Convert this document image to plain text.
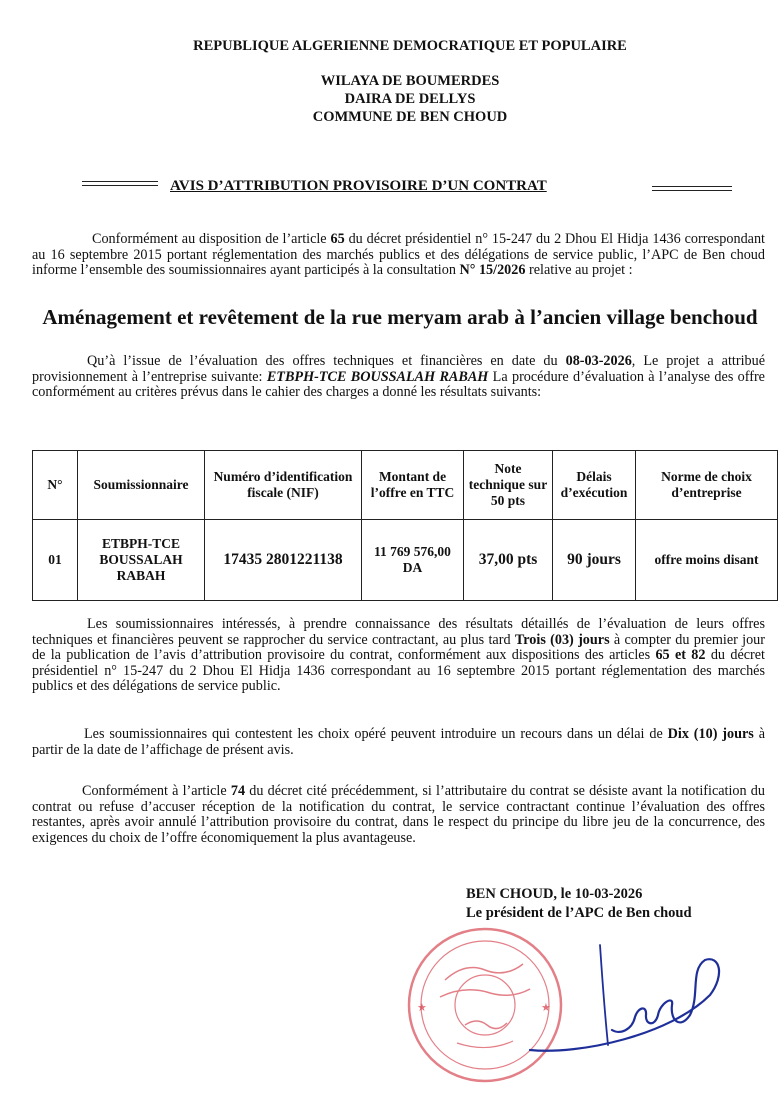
REPUBLIQUE ALGERIENNE DEMOCRATIQUE ET POPULAIRE
WILAYA DE BOUMERDES
DAIRA DE DELLYS
COMMUNE DE BEN CHOUD
AVIS D’ATTRIBUTION PROVISOIRE D’UN CONTRAT
Conformément au disposition de l’article 65 du décret présidentiel n° 15-247 du 2 Dhou El Hidja 1436 correspondant au 16 septembre 2015 portant réglementation des marchés publics et des délégations de service public, l’APC de Ben choud informe l’ensemble des soumissionnaires ayant participés à la consultation N° 15/2026 relative au projet :
Aménagement et revêtement de la rue meryam arab à l’ancien village benchoud
Qu’à l’issue de l’évaluation des offres techniques et financières en date du 08-03-2026, Le projet a attribué provisionnement à l’entreprise suivante: ETBPH-TCE BOUSSALAH RABAH La procédure d’évaluation à l’analyse des offre conformément au critères prévus dans le cahier des charges a donné les résultats suivants:
N°	Soumissionnaire	Numéro d’identification fiscale (NIF)	Montant de l’offre en TTC	Note technique sur 50 pts	Délais d’exécution	Norme de choix d’entreprise
01	ETBPH-TCE BOUSSALAH RABAH	17435 2801221138	11 769 576,00 DA	37,00 pts	90 jours	offre moins disant
Les soumissionnaires intéressés, à prendre connaissance des résultats détaillés de l’évaluation de leurs offres techniques et financières peuvent se rapprocher du service contractant, au plus tard Trois (03) jours à compter du premier jour de la publication de l’avis d’attribution provisoire du contrat, conformément aux dispositions des articles 65 et 82 du décret présidentiel n° 15-247 du 2 Dhou El Hidja 1436 correspondant au 16 septembre 2015 portant réglementation des marchés publics et des délégations de service public.
Les soumissionnaires qui contestent les choix opéré peuvent introduire un recours dans un délai de Dix (10) jours à partir de la date de l’affichage de présent avis.
Conformément à l’article 74 du décret cité précédemment, si l’attributaire du contrat se désiste avant la notification du contrat ou refuse d’accuser réception de la notification du contrat, le service contractant continue l’évaluation des offres restantes, après avoir annulé l’attribution provisoire du contrat, dans le respect du principe du libre jeu de la concurrence, des exigences du choix de l’offre économiquement la plus avantageuse.
★	★
BEN CHOUD, le 10-03-2026
Le président de l’APC de Ben choud
